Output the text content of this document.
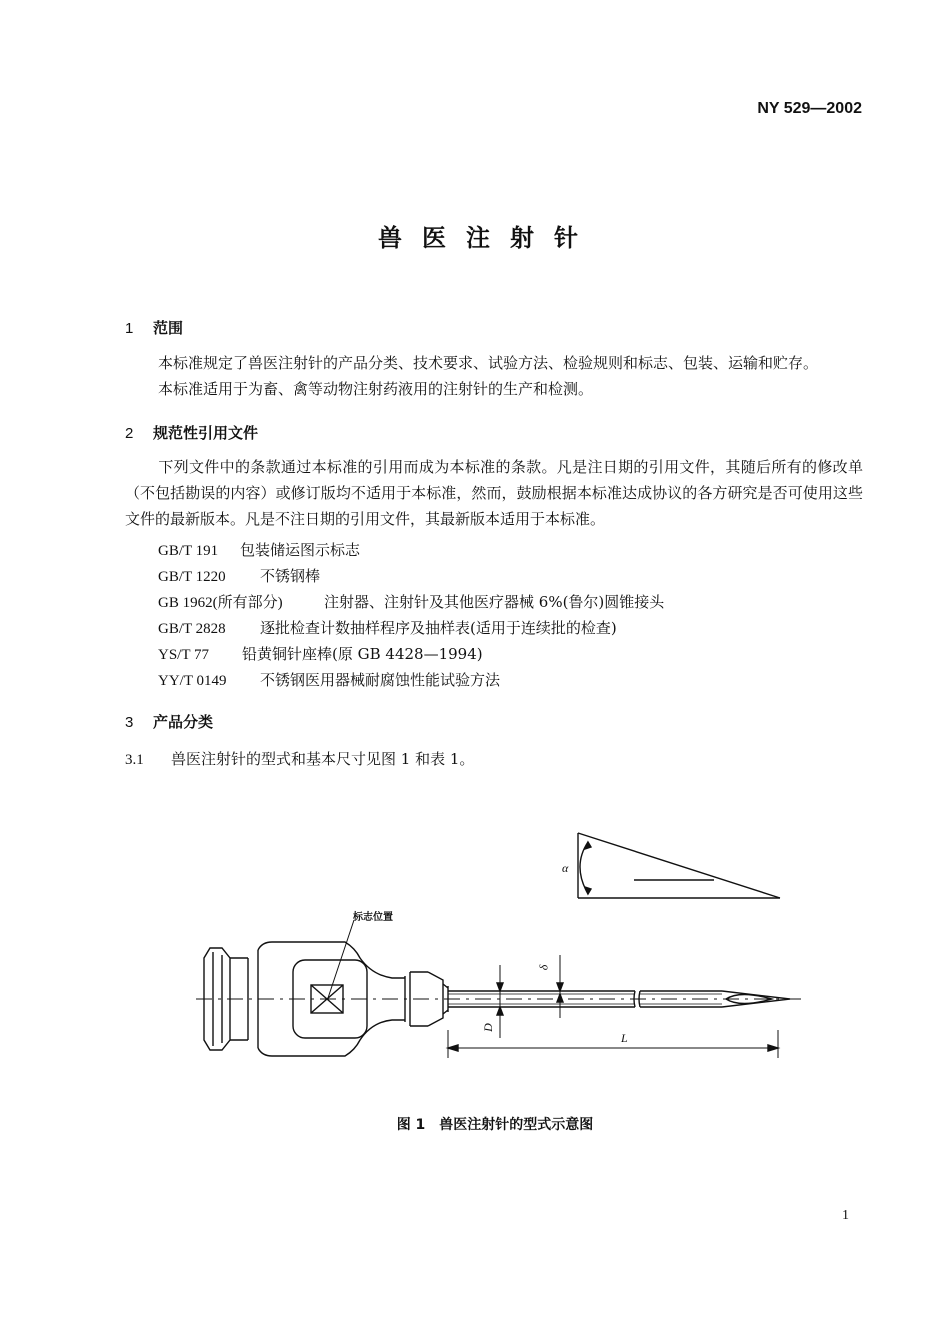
NY 529—2002
兽医注射针
1 范围
本标准规定了兽医注射针的产品分类、技术要求、试验方法、检验规则和标志、包装、运输和贮存。
本标准适用于为畜、禽等动物注射药液用的注射针的生产和检测。
2 规范性引用文件
下列文件中的条款通过本标准的引用而成为本标准的条款。凡是注日期的引用文件，其随后所有的修改单（不包括勘误的内容）或修订版均不适用于本标准，然而，鼓励根据本标准达成协议的各方研究是否可使用这些文件的最新版本。凡是不注日期的引用文件，其最新版本适用于本标准。
GB/T 191 包装储运图示标志
GB/T 1220 不锈钢棒
GB 1962(所有部分)	注射器、注射针及其他医疗器械 6%(鲁尔)圆锥接头
GB/T 2828 逐批检查计数抽样程序及抽样表(适用于连续批的检查)
YS/T 77 铅黄铜针座棒(原 GB 4428—1994)
YY/T 0149 不锈钢医用器械耐腐蚀性能试验方法
3 产品分类
3.1 兽医注射针的型式和基本尺寸见图 1 和表 1。
α
δ
D
L
标志位置
图 1　兽医注射针的型式示意图
1
